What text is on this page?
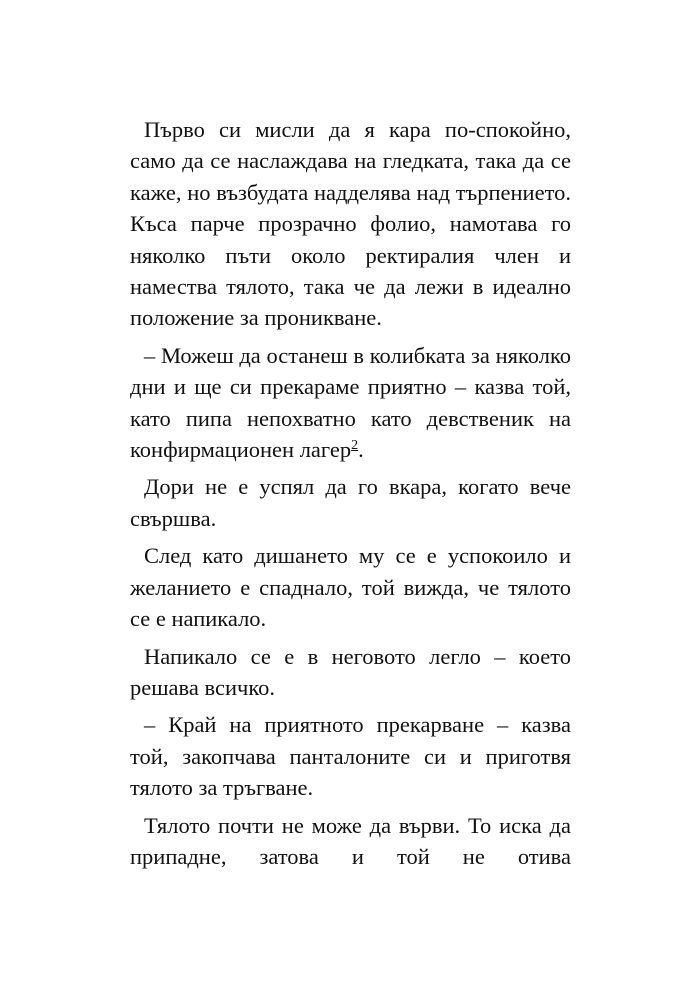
Първо си мисли да я кара по-спокойно, само да се наслаждава на гледката, така да се каже, но възбудата надделява над търпението. Къса парче прозрачно фолио, намотава го няколко пъти около ректиралия член и намества тялото, така че да лежи в идеално положение за проникване.

– Можеш да останеш в колибката за няколко дни и ще си прекараме приятно – казва той, като пипа непохватно като девственик на конфирмационен лагер$^2$.

Дори не е успял да го вкара, когато вече свършва.

След като дишането му се е успокоило и желанието е спаднало, той вижда, че тялото се е напикало.

Напикало се е в неговото легло – което решава всичко.

– Край на приятното прекарване – казва той, закопчава панталоните си и приготвя тялото за тръгване.

Тялото почти не може да върви. То иска да припадне, затова и той не отива
